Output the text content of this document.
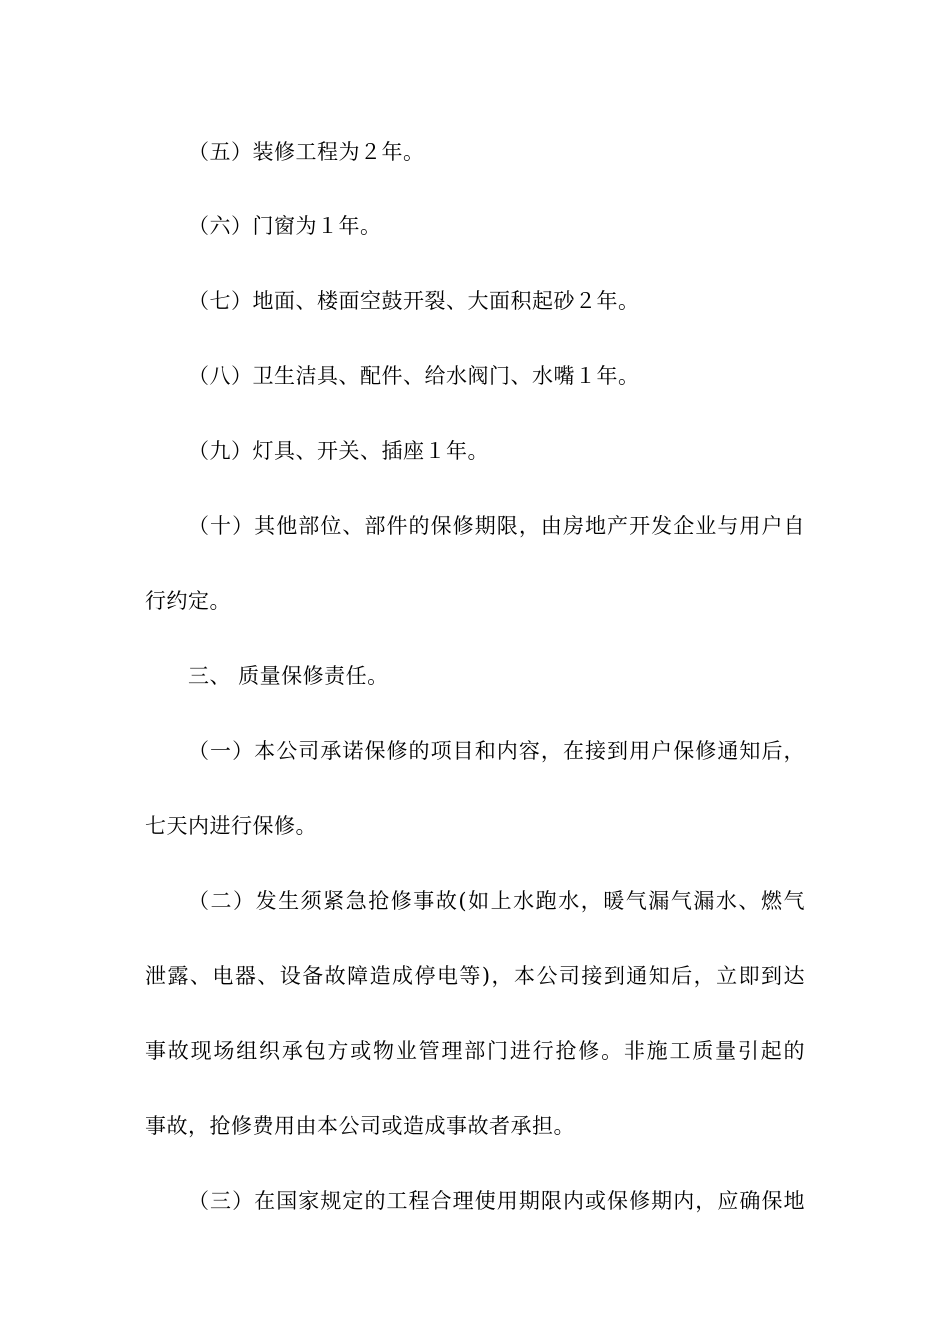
（五）装修工程为２年。
（六）门窗为１年。
（七）地面、楼面空鼓开裂、大面积起砂２年。
（八）卫生洁具、配件、给水阀门、水嘴１年。
（九）灯具、开关、插座１年。
（十）其他部位、部件的保修期限，由房地产开发企业与用户自
行约定。
三、 质量保修责任。
（一）本公司承诺保修的项目和内容，在接到用户保修通知后，
七天内进行保修。
（二）发生须紧急抢修事故(如上水跑水，暖气漏气漏水、燃气
泄露、电器、设备故障造成停电等)，本公司接到通知后，立即到达
事故现场组织承包方或物业管理部门进行抢修。非施工质量引起的
事故，抢修费用由本公司或造成事故者承担。
（三）在国家规定的工程合理使用期限内或保修期内，应确保地
